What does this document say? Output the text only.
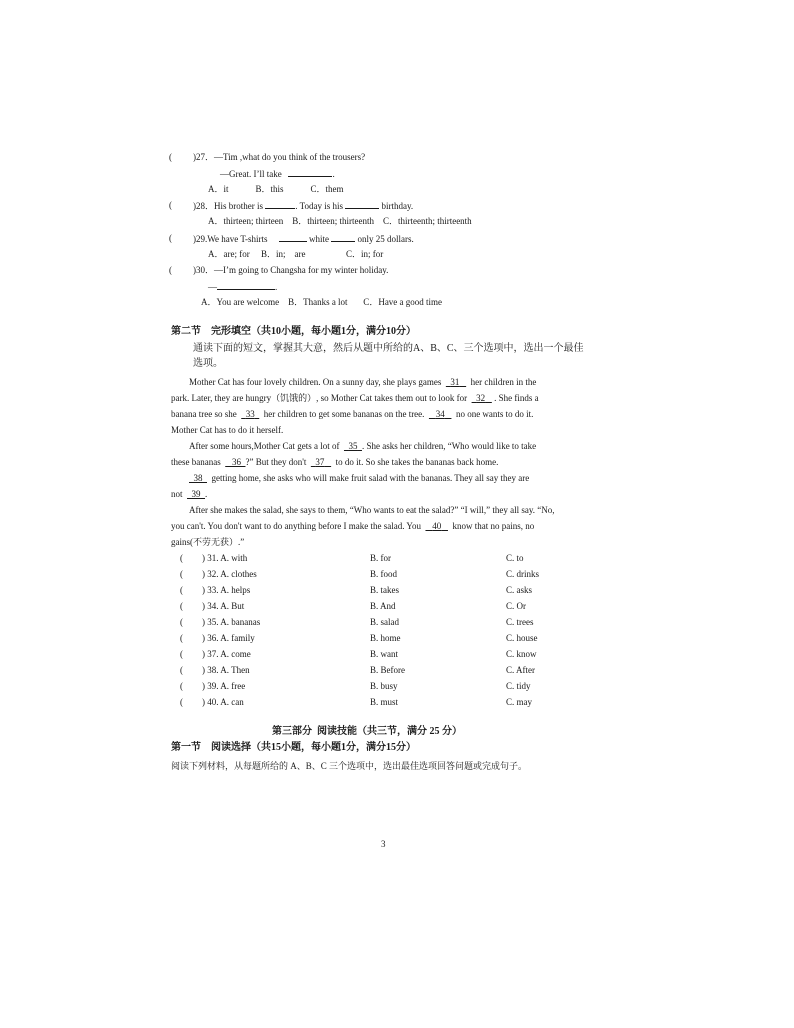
( )27．—Tim ,what do you think of the trousers?
—Great. I’ll take	.
A．it            B．this            C．them
( )28．His brother is	. Today is his	birthday.
A．thirteen; thirteen    B．thirteen; thirteenth    C．thirteenth; thirteenth
( )29.We have T-shirts	white	only 25 dollars.
A．are; for     B．in;    are                  C．in; for
( )30．—I’m going to Changsha for my winter holiday.
—	.
A．You are welcome    B．Thanks a lot       C．Have a good time
第二节    完形填空（共10小题，每小题1分，满分10分）
通读下面的短文，掌握其大意，然后从题中所给的A、B、C、三个选项中，选出一个最佳
选项。
Mother Cat has four lovely children. On a sunny day, she plays games 31 her children in the
park. Later, they are hungry（饥饿的）, so Mother Cat takes them out to look for 32 . She finds a
banana tree so she 33 her children to get some bananas on the tree. 34 no one wants to do it.
Mother Cat has to do it herself.
After some hours,Mother Cat gets a lot of 35 . She asks her children, “Who would like to take
these bananas 36 ?” But they don't 37 to do it. So she takes the bananas back home.
38 getting home, she asks who will make fruit salad with the bananas. They all say they are
not 39 .
After she makes the salad, she says to them, “Who wants to eat the salad?” “I will,” they all say. “No,
you can't. You don't want to do anything before I make the salad. You 40 know that no pains, no
gains(不劳无获）.”
( ) 31. A. with	B. for	C. to
( ) 32. A. clothes	B. food	C. drinks
( ) 33. A. helps	B. takes	C. asks
( ) 34. A. But	B. And	C. Or
( ) 35. A. bananas	B. salad	C. trees
( ) 36. A. family	B. home	C. house
( ) 37. A. come	B. want	C. know
( ) 38. A. Then	B. Before	C. After
( ) 39. A. free	B. busy	C. tidy
( ) 40. A. can	B. must	C. may
第三部分  阅读技能（共三节，满分 25 分）
第一节    阅读选择（共15小题，每小题1分，满分15分）
阅读下列材料，从每题所给的 A、B、C 三个选项中，选出最佳选项回答问题或完成句子。
3
